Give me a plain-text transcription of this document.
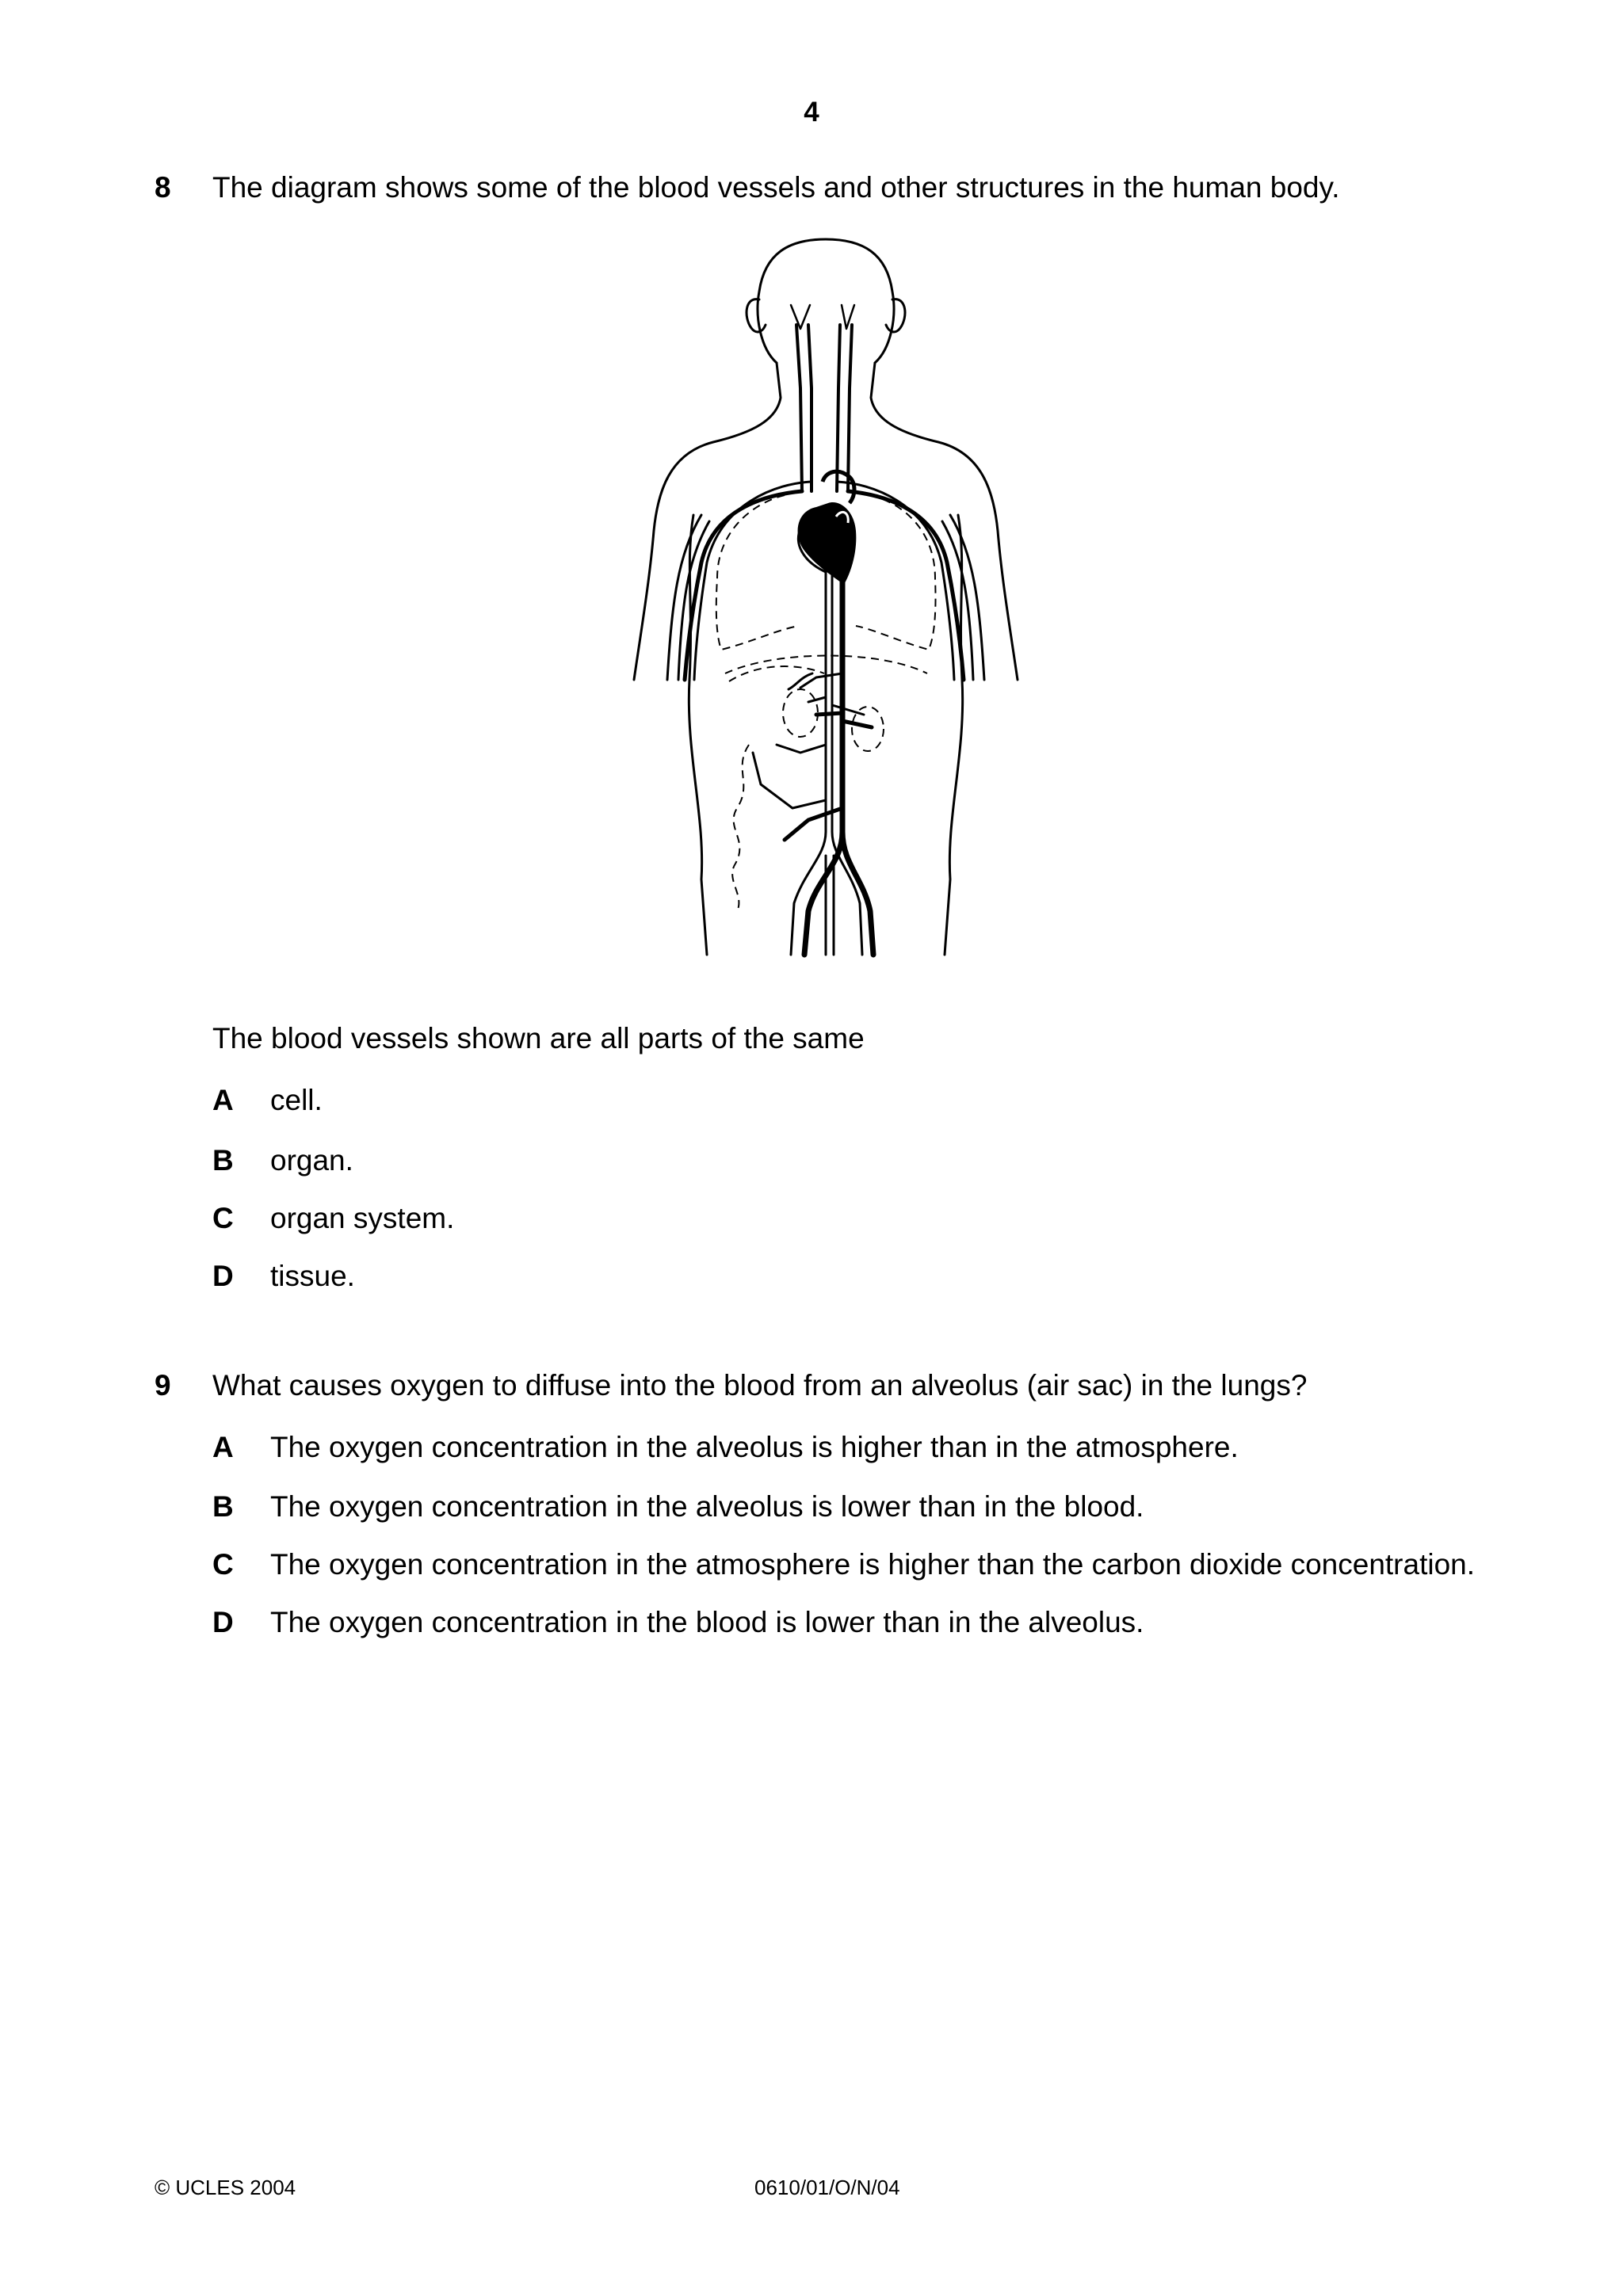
4
8 The diagram shows some of the blood vessels and other structures in the human body.
The blood vessels shown are all parts of the same
A cell.
B organ.
C organ system.
D tissue.
9 What causes oxygen to diffuse into the blood from an alveolus (air sac) in the lungs?
A The oxygen concentration in the alveolus is higher than in the atmosphere.
B The oxygen concentration in the alveolus is lower than in the blood.
C The oxygen concentration in the atmosphere is higher than the carbon dioxide concentration.
D The oxygen concentration in the blood is lower than in the alveolus.
© UCLES 2004	0610/01/O/N/04
